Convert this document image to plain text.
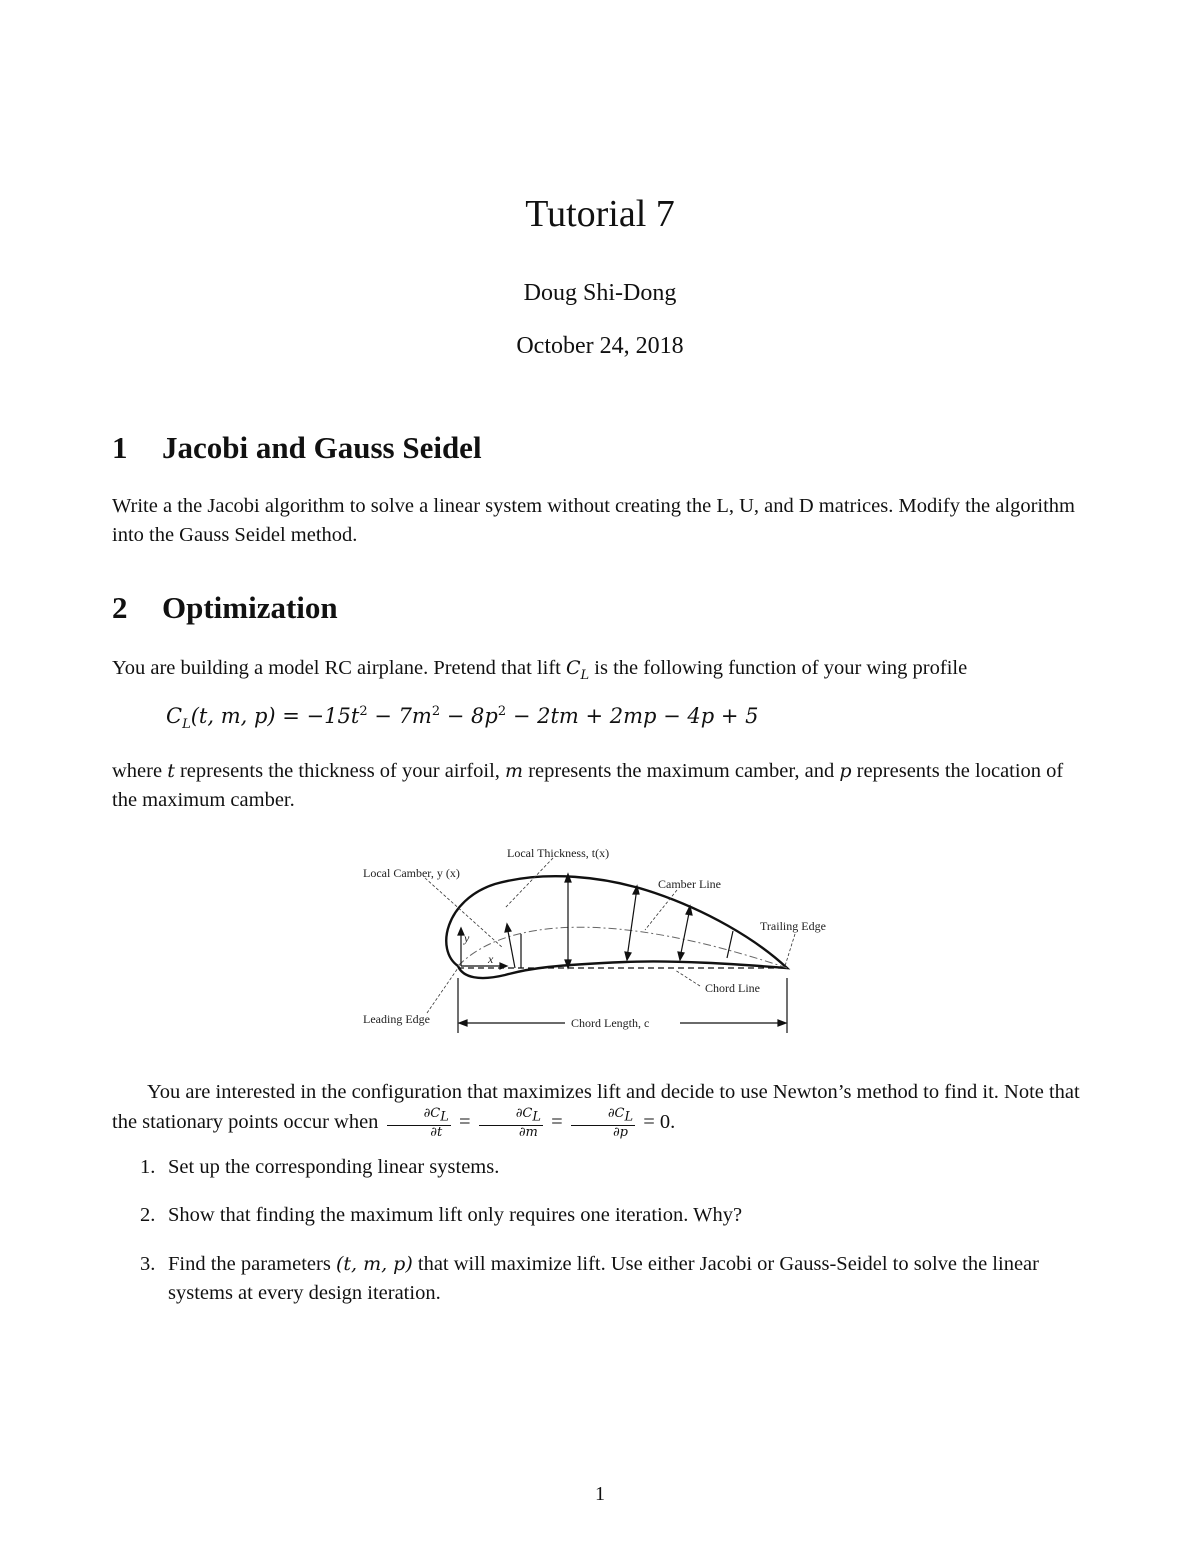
Tutorial 7
Doug Shi-Dong
October 24, 2018
1 Jacobi and Gauss Seidel
Write a the Jacobi algorithm to solve a linear system without creating the L, U, and D matrices. Modify the algorithm into the Gauss Seidel method.
2 Optimization
You are building a model RC airplane. Pretend that lift $C_L$ is the following function of your wing profile
$C_L(t$, m, $p) = -15t^2 - 7m^2 - 8p^2 - 2tm + 2mp - 4p + 5$
where t represents the thickness of your airfoil, m represents the maximum camber, and p represents the location of the maximum camber.
Local Thickness, t(x)
Local Camber, y (x)
Camber Line
Trailing Edge
Chord Line
Leading Edge	Chord Length, c
y
x
You are interested in the configuration that maximizes lift and decide to use Newton’s method to find it. Note that the stationary points occur when $\frac{\partial C_L}{\partial t} = \frac{\partial C_L}{\partial m} = \frac{\partial C_L}{\partial p} = 0$.
1. Set up the corresponding linear systems.
2. Show that finding the maximum lift only requires one iteration. Why?
3. Find the parameters (t, m, p) that will maximize lift. Use either Jacobi or Gauss-Seidel to solve the linear systems at every design iteration.
1
